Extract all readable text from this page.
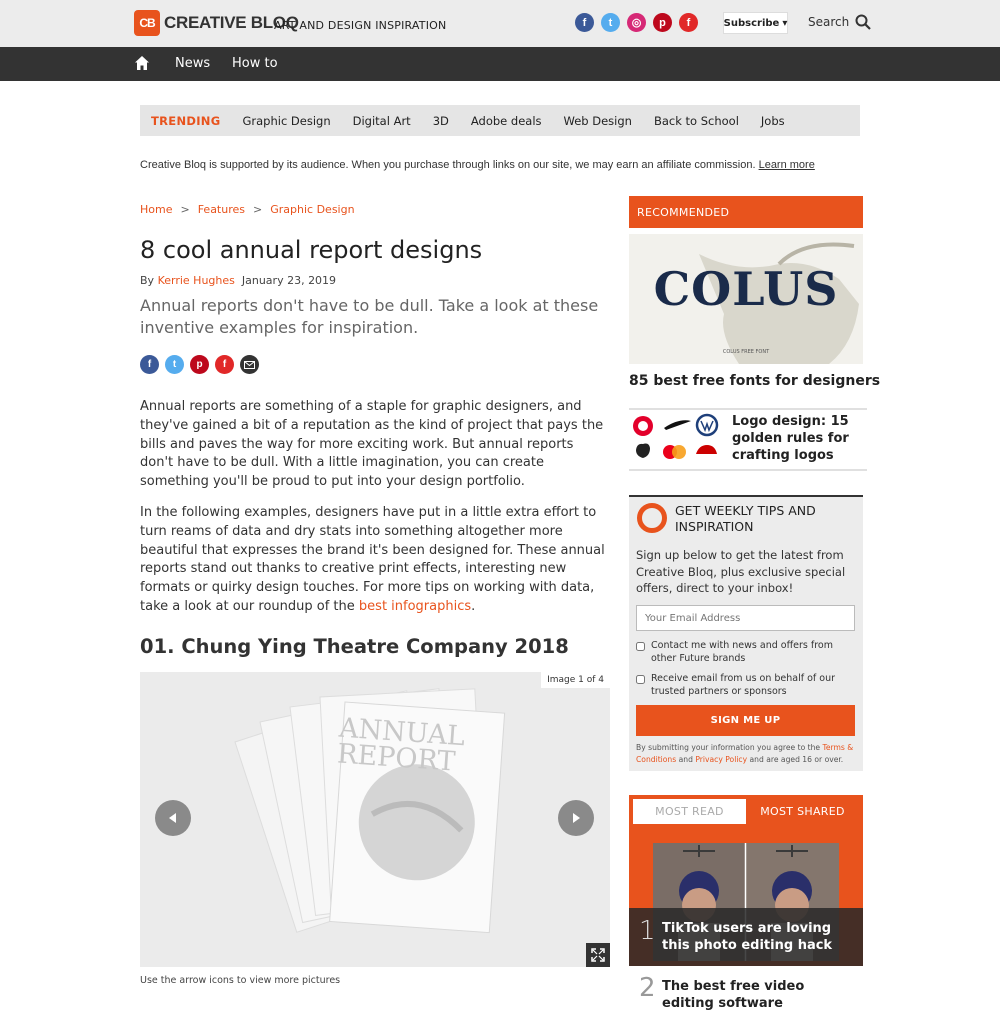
CB CREATIVE BLOQ
ART AND DESIGN INSPIRATION	f	t	◎	p	f	Subscribe ▾ Search
News How to
TRENDING Graphic Design Digital Art 3D Adobe deals Web Design Back to School Jobs
Creative Bloq is supported by its audience. When you purchase through links on our site, we may earn an affiliate commission. Learn more
Home > Features > Graphic Design
8 cool annual report designs
By Kerrie Hughes January 23, 2019

Annual reports don't have to be dull. Take a look at these inventive examples for inspiration.

f	t	p	f

Annual reports are something of a staple for graphic designers, and they've gained a bit of a reputation as the kind of project that pays the bills and paves the way for more exciting work. But annual reports don't have to be dull. With a little imagination, you can create something you'll be proud to put into your design portfolio.

In the following examples, designers have put in a little extra effort to turn reams of data and dry stats into something altogether more beautiful that expresses the brand it's been designed for. These annual reports stand out thanks to creative print effects, interesting new formats or quirky design touches. For more tips on working with data, take a look at our roundup of the best infographics.

01. Chung Ying Theatre Company 2018
ANNUAL REPORT
Image 1 of 4
Use the arrow icons to view more pictures
RECOMMENDED
COLUS
COLUS FREE FONT
85 best free fonts for designers
Logo design: 15 golden rules for crafting logos
GET WEEKLY TIPS AND INSPIRATION

Sign up below to get the latest from Creative Bloq, plus exclusive special offers, direct to your inbox!

Your Email Address
Contact me with news and offers from other Future brands
Receive email from us on behalf of our trusted partners or sponsors
SIGN ME UP

By submitting your information you agree to the Terms & Conditions and Privacy Policy and are aged 16 or over.

MOST READ	MOST SHARED
1 TikTok users are loving this photo editing hack
2 The best free video editing software
